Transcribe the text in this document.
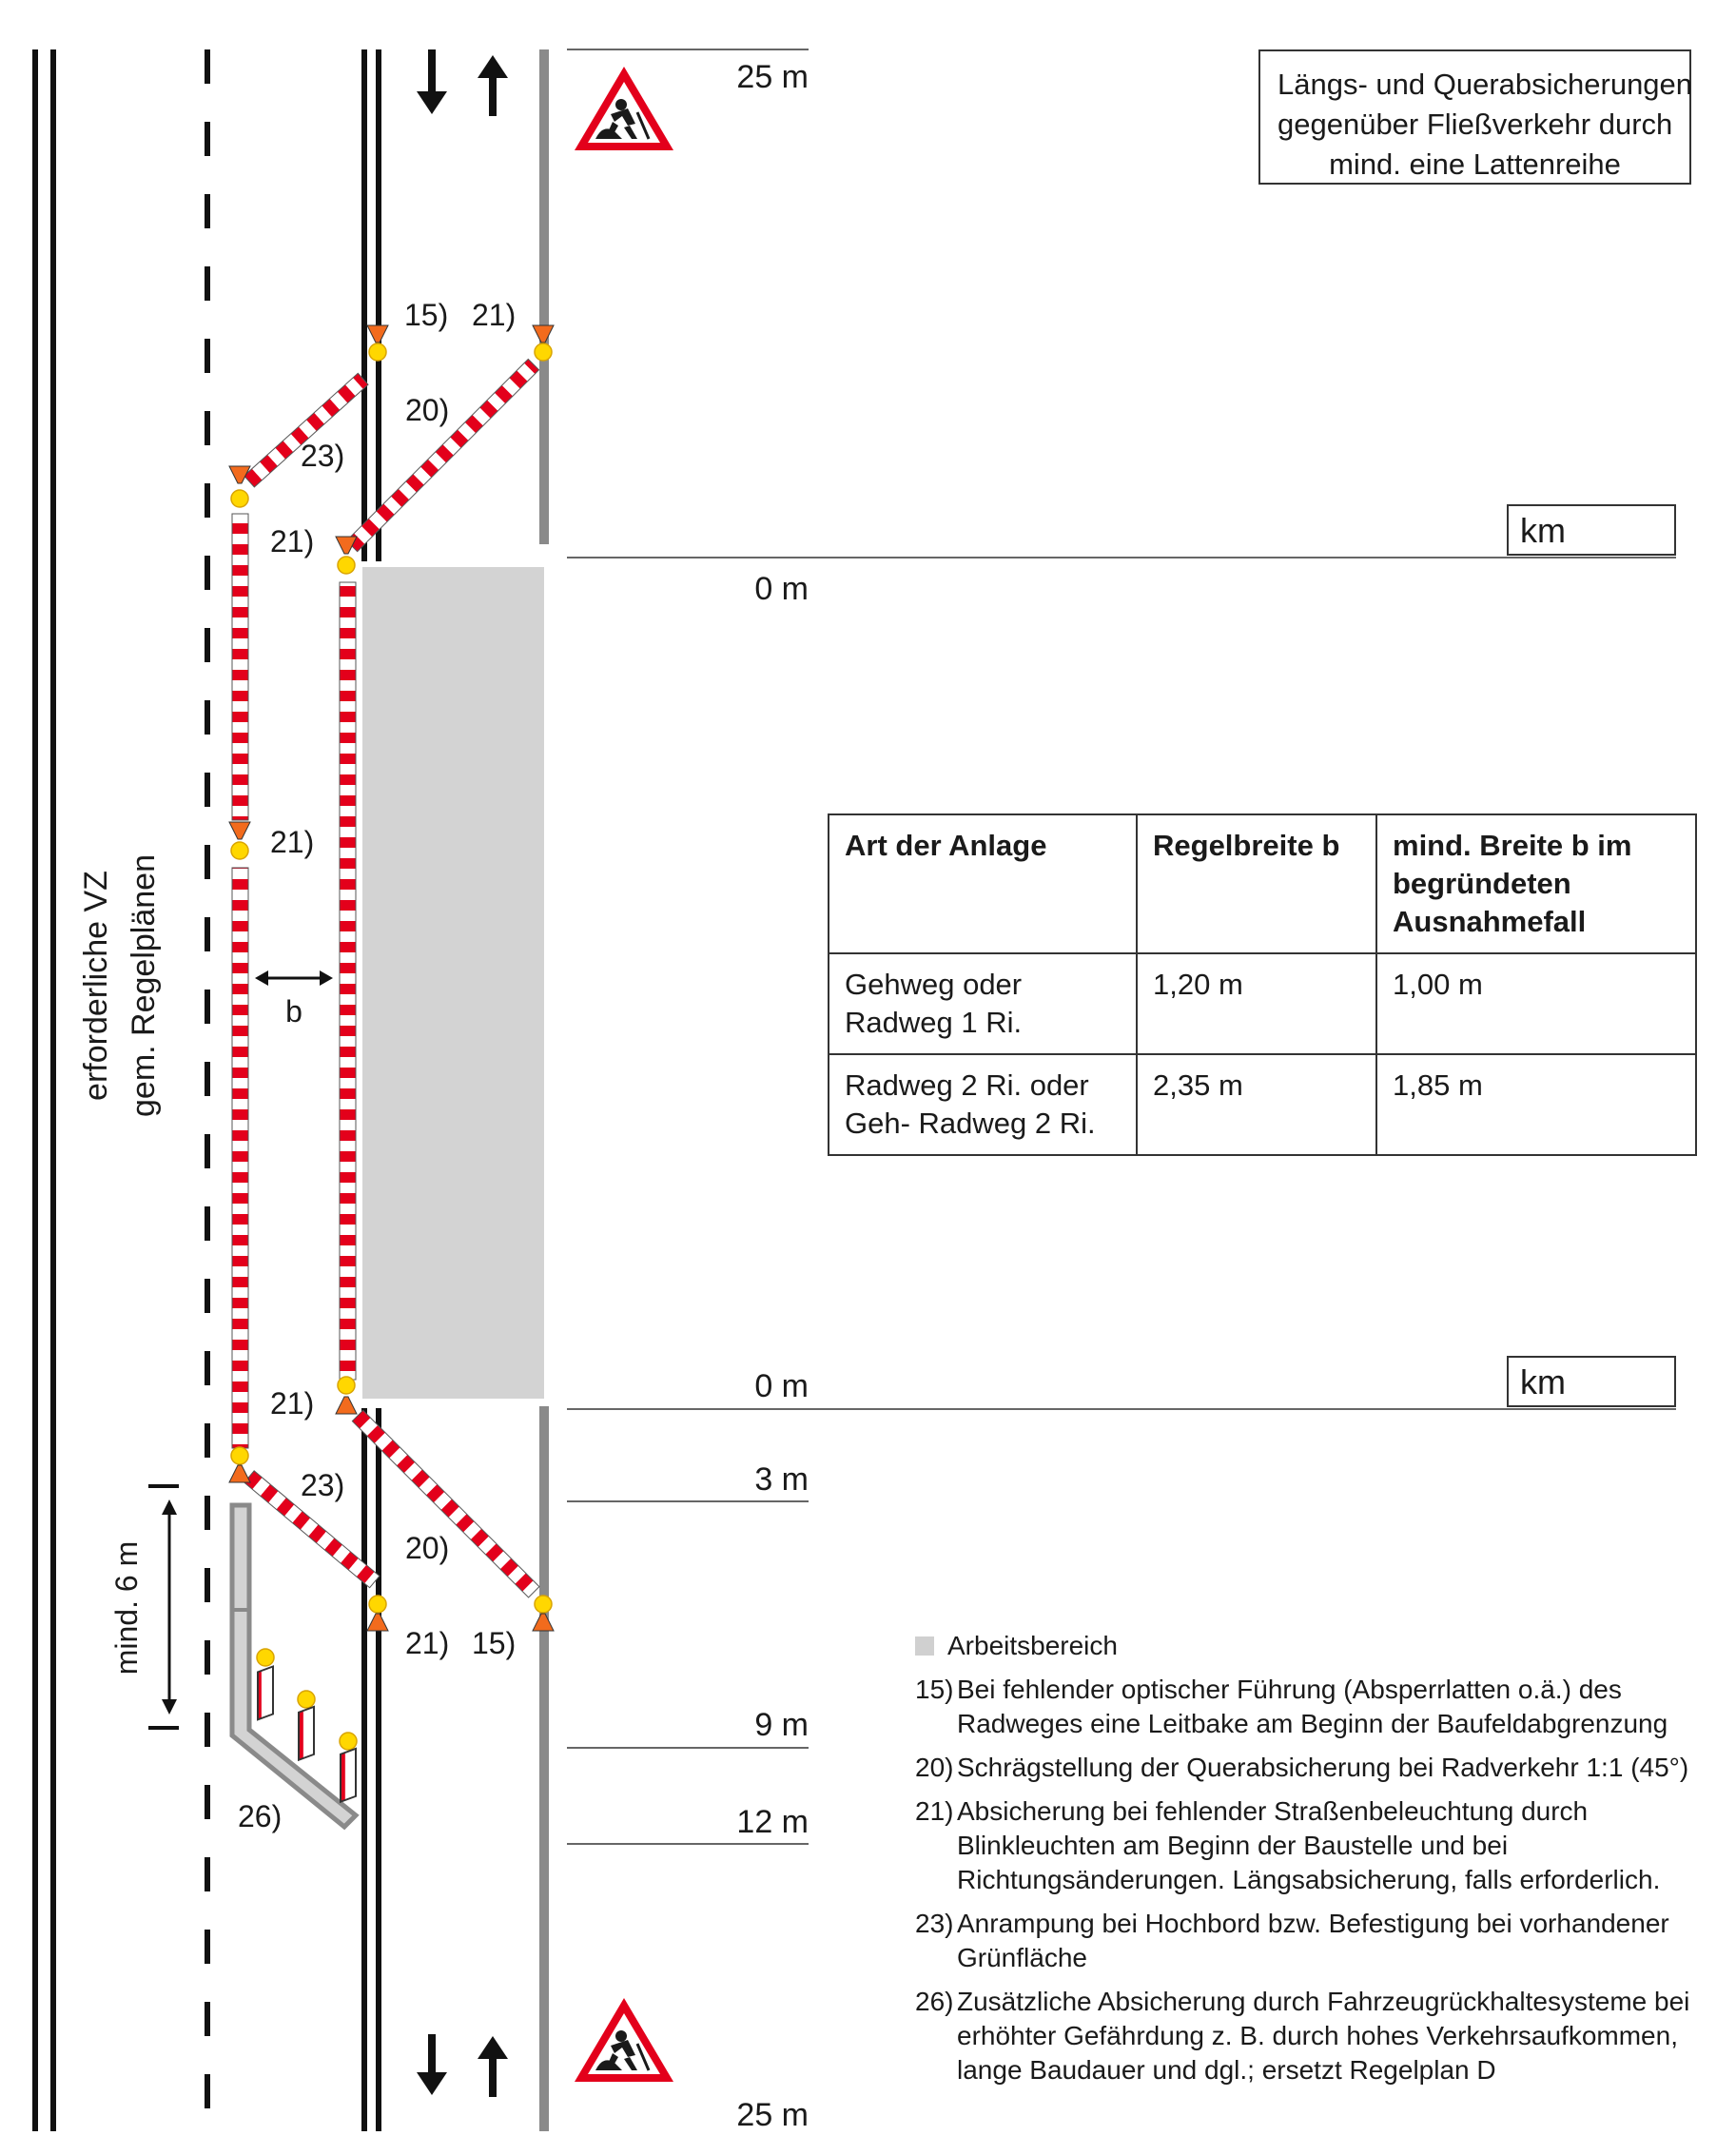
25 m
0 m
0 m
3 m
9 m
12 m
25 m
b
mind. 6 m
erforderliche VZ gem. Regelplänen
15) 21)
20)
23)
21)
21)
21)
23)
20)
21) 15)
26)
Längs- und Querabsicherungen
gegenüber Fließverkehr durch
mind. eine Lattenreihe
km
km
Art der Anlage	Regelbreite b	mind. Breite b im begründeten Ausnahmefall
Gehweg oder Radweg 1 Ri.	1,20 m	1,00 m
Radweg 2 Ri. oder Geh- Radweg 2 Ri.	2,35 m	1,85 m
Arbeitsbereich
15) Bei fehlender optischer Führung (Absperrlatten o.ä.) des
Radweges eine Leitbake am Beginn der Baufeldabgrenzung
20) Schrägstellung der Querabsicherung bei Radverkehr 1:1 (45°)
21) Absicherung bei fehlender Straßenbeleuchtung durch
Blinkleuchten am Beginn der Baustelle und bei
Richtungsänderungen. Längsabsicherung, falls erforderlich.
23) Anrampung bei Hochbord bzw. Befestigung bei vorhandener
Grünfläche
26) Zusätzliche Absicherung durch Fahrzeugrückhaltesysteme bei
erhöhter Gefährdung z. B. durch hohes Verkehrsaufkommen,
lange Baudauer und dgl.; ersetzt Regelplan D
